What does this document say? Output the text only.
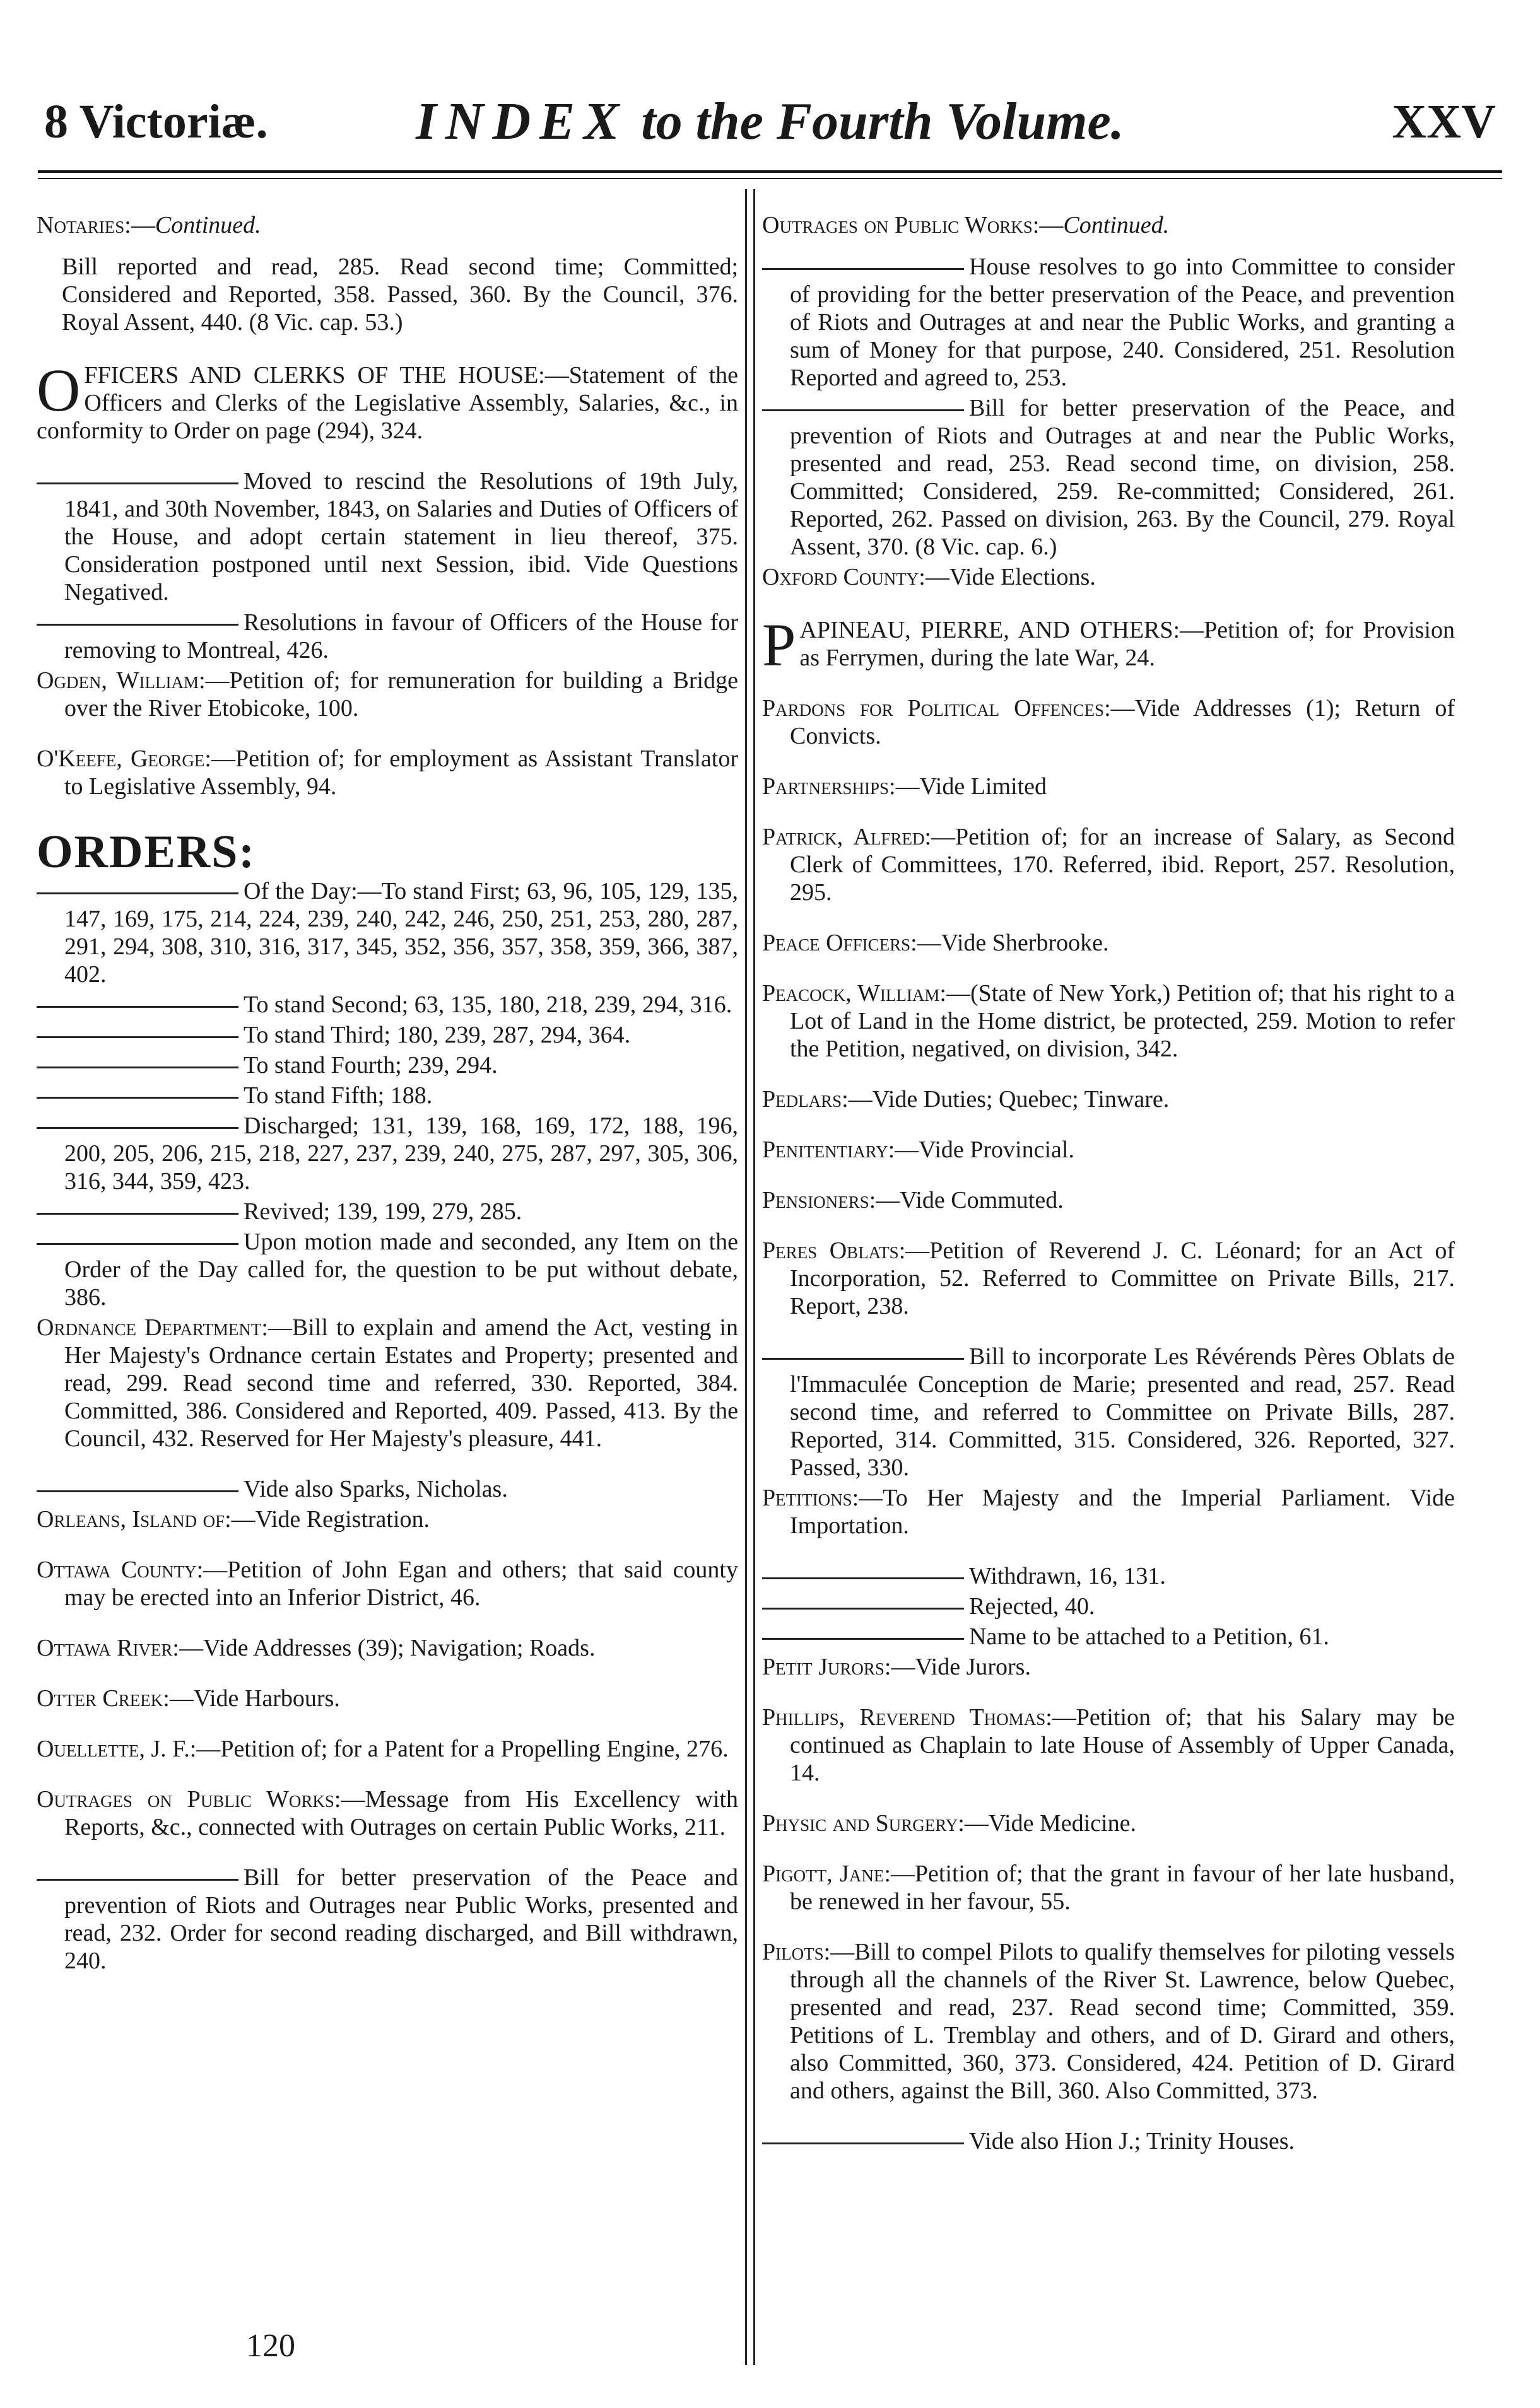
8 Victoriæ.	INDEX to the Fourth Volume.	XXV
Notaries:—Continued.
Bill reported and read, 285. Read second time; Committed; Considered and Reported, 358. Passed, 360. By the Council, 376. Royal Assent, 440. (8 Vic. cap. 53.)
OFFICERS AND CLERKS OF THE HOUSE:—Statement of the Officers and Clerks of the Legislative Assembly, Salaries, &c., in conformity to Order on page (294), 324.
Moved to rescind the Resolutions of 19th July, 1841, and 30th November, 1843, on Salaries and Duties of Officers of the House, and adopt certain statement in lieu thereof, 375. Consideration postponed until next Session, ibid. Vide Questions Negatived.
Resolutions in favour of Officers of the House for removing to Montreal, 426.
Ogden, William:—Petition of; for remuneration for building a Bridge over the River Etobicoke, 100.
O'Keefe, George:—Petition of; for employment as Assistant Translator to Legislative Assembly, 94.
ORDERS:
Of the Day:—To stand First; 63, 96, 105, 129, 135, 147, 169, 175, 214, 224, 239, 240, 242, 246, 250, 251, 253, 280, 287, 291, 294, 308, 310, 316, 317, 345, 352, 356, 357, 358, 359, 366, 387, 402.
To stand Second; 63, 135, 180, 218, 239, 294, 316.
To stand Third; 180, 239, 287, 294, 364.
To stand Fourth; 239, 294.
To stand Fifth; 188.
Discharged; 131, 139, 168, 169, 172, 188, 196, 200, 205, 206, 215, 218, 227, 237, 239, 240, 275, 287, 297, 305, 306, 316, 344, 359, 423.
Revived; 139, 199, 279, 285.
Upon motion made and seconded, any Item on the Order of the Day called for, the question to be put without debate, 386.
Ordnance Department:—Bill to explain and amend the Act, vesting in Her Majesty's Ordnance certain Estates and Property; presented and read, 299. Read second time and referred, 330. Reported, 384. Committed, 386. Considered and Reported, 409. Passed, 413. By the Council, 432. Reserved for Her Majesty's pleasure, 441.
Vide also Sparks, Nicholas.
Orleans, Island of:—Vide Registration.
Ottawa County:—Petition of John Egan and others; that said county may be erected into an Inferior District, 46.
Ottawa River:—Vide Addresses (39); Navigation; Roads.
Otter Creek:—Vide Harbours.
Ouellette, J. F.:—Petition of; for a Patent for a Propelling Engine, 276.
Outrages on Public Works:—Message from His Excellency with Reports, &c., connected with Outrages on certain Public Works, 211.
Bill for better preservation of the Peace and prevention of Riots and Outrages near Public Works, presented and read, 232. Order for second reading discharged, and Bill withdrawn, 240.
Outrages on Public Works:—Continued.
House resolves to go into Committee to consider of providing for the better preservation of the Peace, and prevention of Riots and Outrages at and near the Public Works, and granting a sum of Money for that purpose, 240. Considered, 251. Resolution Reported and agreed to, 253.
Bill for better preservation of the Peace, and prevention of Riots and Outrages at and near the Public Works, presented and read, 253. Read second time, on division, 258. Committed; Considered, 259. Re-committed; Considered, 261. Reported, 262. Passed on division, 263. By the Council, 279. Royal Assent, 370. (8 Vic. cap. 6.)
Oxford County:—Vide Elections.
PAPINEAU, PIERRE, AND OTHERS:—Petition of; for Provision as Ferrymen, during the late War, 24.
Pardons for Political Offences:—Vide Addresses (1); Return of Convicts.
Partnerships:—Vide Limited
Patrick, Alfred:—Petition of; for an increase of Salary, as Second Clerk of Committees, 170. Referred, ibid. Report, 257. Resolution, 295.
Peace Officers:—Vide Sherbrooke.
Peacock, William:—(State of New York,) Petition of; that his right to a Lot of Land in the Home district, be protected, 259. Motion to refer the Petition, negatived, on division, 342.
Pedlars:—Vide Duties; Quebec; Tinware.
Penitentiary:—Vide Provincial.
Pensioners:—Vide Commuted.
Peres Oblats:—Petition of Reverend J. C. Léonard; for an Act of Incorporation, 52. Referred to Committee on Private Bills, 217. Report, 238.
Bill to incorporate Les Révérends Pères Oblats de l'Immaculée Conception de Marie; presented and read, 257. Read second time, and referred to Committee on Private Bills, 287. Reported, 314. Committed, 315. Considered, 326. Reported, 327. Passed, 330.
Petitions:—To Her Majesty and the Imperial Parliament. Vide Importation.
Withdrawn, 16, 131.
Rejected, 40.
Name to be attached to a Petition, 61.
Petit Jurors:—Vide Jurors.
Phillips, Reverend Thomas:—Petition of; that his Salary may be continued as Chaplain to late House of Assembly of Upper Canada, 14.
Physic and Surgery:—Vide Medicine.
Pigott, Jane:—Petition of; that the grant in favour of her late husband, be renewed in her favour, 55.
Pilots:—Bill to compel Pilots to qualify themselves for piloting vessels through all the channels of the River St. Lawrence, below Quebec, presented and read, 237. Read second time; Committed, 359. Petitions of L. Tremblay and others, and of D. Girard and others, also Committed, 360, 373. Considered, 424. Petition of D. Girard and others, against the Bill, 360. Also Committed, 373.
Vide also Hion J.; Trinity Houses.
120
